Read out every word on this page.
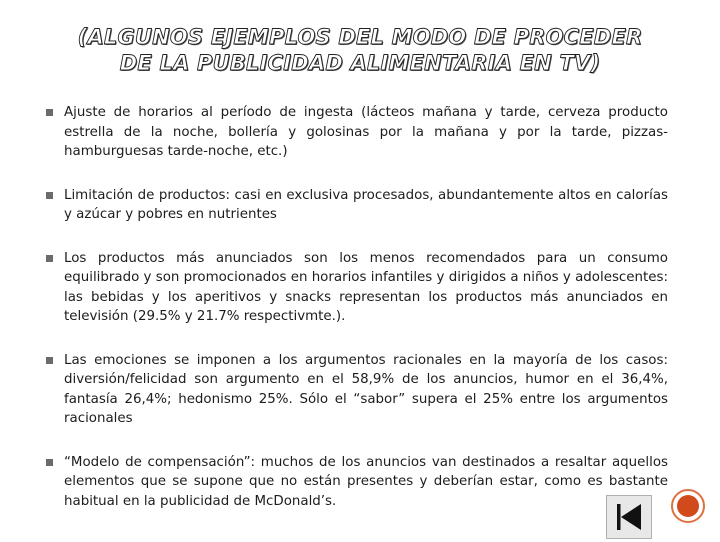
(ALGUNOS EJEMPLOS DEL MODO DE PROCEDER
DE LA PUBLICIDAD ALIMENTARIA EN TV)
Ajuste de horarios al período de ingesta (lácteos mañana y tarde, cerveza producto estrella de la noche, bollería y golosinas por la mañana y por la tarde, pizzas-hamburguesas tarde-noche, etc.)
Limitación de productos: casi en exclusiva procesados, abundantemente altos en calorías y azúcar y pobres en nutrientes
Los productos más anunciados son los menos recomendados para un consumo equilibrado y son promocionados en horarios infantiles y dirigidos a niños y adolescentes: las bebidas y los aperitivos y snacks representan los productos más anunciados en televisión (29.5% y 21.7% respectivmte.).
Las emociones se imponen a los argumentos racionales en la mayoría de los casos: diversión/felicidad son argumento en el 58,9% de los anuncios, humor en el 36,4%, fantasía 26,4%; hedonismo 25%. Sólo el “sabor” supera el 25% entre los argumentos racionales
“Modelo de compensación”: muchos de los anuncios van destinados a resaltar aquellos elementos que se supone que no están presentes y deberían estar, como es bastante habitual en la publicidad de McDonald’s.
